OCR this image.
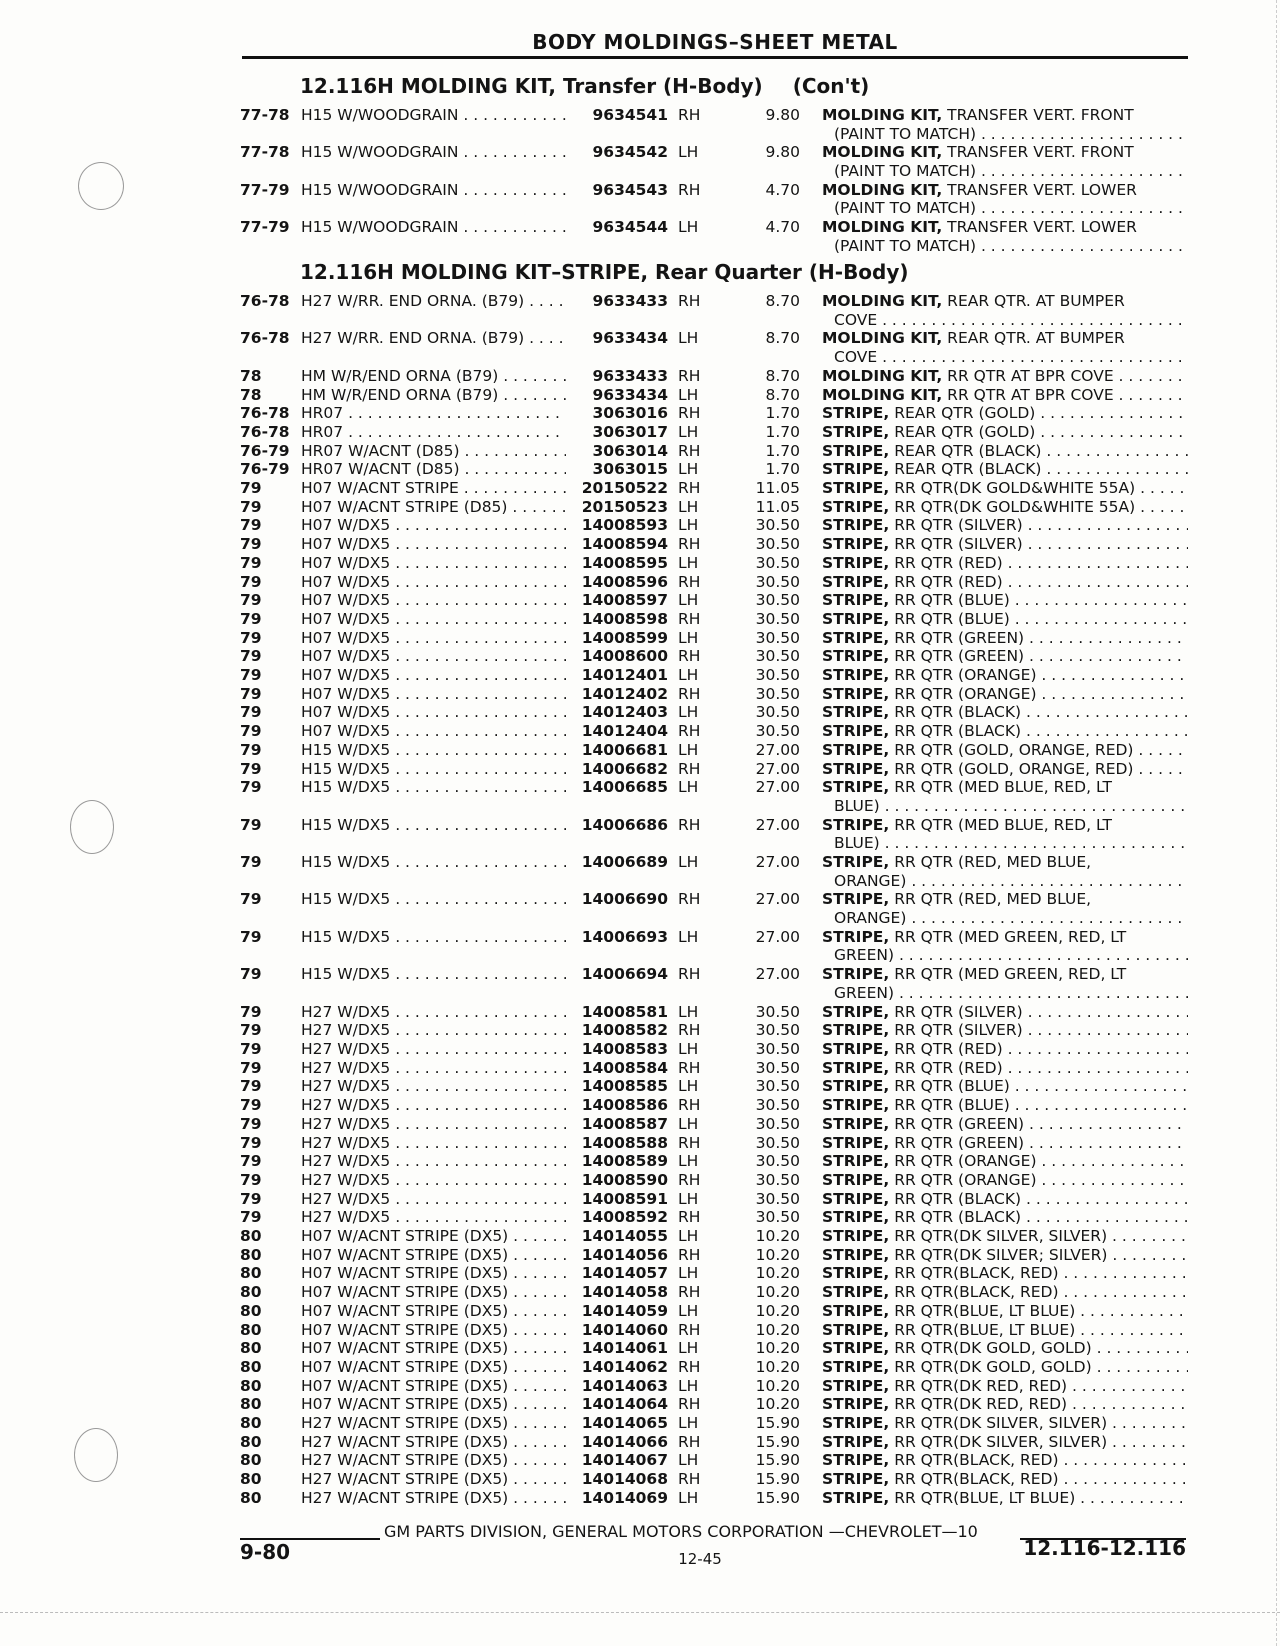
BODY MOLDINGS–SHEET METAL
12.116H MOLDING KIT, Transfer (H-Body) (Con't)
77-78 H15 W/WOODGRAIN . . .	9634541 RH	9.80 MOLDING KIT, TRANSFER VERT. FRONT
(PAINT TO MATCH) . . .
77-78 H15 W/WOODGRAIN . . .	9634542 LH	9.80 MOLDING KIT, TRANSFER VERT. FRONT
(PAINT TO MATCH) . . .
77-79 H15 W/WOODGRAIN . . .	9634543 RH	4.70 MOLDING KIT, TRANSFER VERT. LOWER
(PAINT TO MATCH) . . .
77-79 H15 W/WOODGRAIN . . .	9634544 LH	4.70 MOLDING KIT, TRANSFER VERT. LOWER
(PAINT TO MATCH) . . .
12.116H MOLDING KIT–STRIPE, Rear Quarter (H-Body)
76-78 H27 W/RR. END ORNA. (B79) . . .	9633433 RH	8.70 MOLDING KIT, REAR QTR. AT BUMPER
COVE . . .
76-78 H27 W/RR. END ORNA. (B79) . . .	9633434 LH	8.70 MOLDING KIT, REAR QTR. AT BUMPER
COVE . . .
78	HM W/R/END ORNA (B79) . . .	9633433 RH	8.70 MOLDING KIT, RR QTR AT BPR COVE . . .
78	HM W/R/END ORNA (B79) . . .	9633434 LH	8.70 MOLDING KIT, RR QTR AT BPR COVE . . .
76-78 HR07 . . .	3063016 RH	1.70 STRIPE, REAR QTR (GOLD) . . .
76-78 HR07 . . .	3063017 LH	1.70 STRIPE, REAR QTR (GOLD) . . .
76-79 HR07 W/ACNT (D85) . . .	3063014 RH	1.70 STRIPE, REAR QTR (BLACK) . . .
76-79 HR07 W/ACNT (D85) . . .	3063015 LH	1.70 STRIPE, REAR QTR (BLACK) . . .
79	H07 W/ACNT STRIPE . . .	20150522 RH	11.05 STRIPE, RR QTR(DK GOLD&WHITE 55A) . . .
79	H07 W/ACNT STRIPE (D85) . . .	20150523 LH	11.05 STRIPE, RR QTR(DK GOLD&WHITE 55A) . . .
79	H07 W/DX5 . . .	14008593 LH	30.50 STRIPE, RR QTR (SILVER) . . .
79	H07 W/DX5 . . .	14008594 RH	30.50 STRIPE, RR QTR (SILVER) . . .
79	H07 W/DX5 . . .	14008595 LH	30.50 STRIPE, RR QTR (RED) . . .
79	H07 W/DX5 . . .	14008596 RH	30.50 STRIPE, RR QTR (RED) . . .
79	H07 W/DX5 . . .	14008597 LH	30.50 STRIPE, RR QTR (BLUE) . . .
79	H07 W/DX5 . . .	14008598 RH	30.50 STRIPE, RR QTR (BLUE) . . .
79	H07 W/DX5 . . .	14008599 LH	30.50 STRIPE, RR QTR (GREEN) . . .
79	H07 W/DX5 . . .	14008600 RH	30.50 STRIPE, RR QTR (GREEN) . . .
79	H07 W/DX5 . . .	14012401 LH	30.50 STRIPE, RR QTR (ORANGE) . . .
79	H07 W/DX5 . . .	14012402 RH	30.50 STRIPE, RR QTR (ORANGE) . . .
79	H07 W/DX5 . . .	14012403 LH	30.50 STRIPE, RR QTR (BLACK) . . .
79	H07 W/DX5 . . .	14012404 RH	30.50 STRIPE, RR QTR (BLACK) . . .
79	H15 W/DX5 . . .	14006681 LH	27.00 STRIPE, RR QTR (GOLD, ORANGE, RED) . . .
79	H15 W/DX5 . . .	14006682 RH	27.00 STRIPE, RR QTR (GOLD, ORANGE, RED) . . .
79	H15 W/DX5 . . .	14006685 LH	27.00 STRIPE, RR QTR (MED BLUE, RED, LT
BLUE) . . .
79	H15 W/DX5 . . .	14006686 RH	27.00 STRIPE, RR QTR (MED BLUE, RED, LT
BLUE) . . .
79	H15 W/DX5 . . .	14006689 LH	27.00 STRIPE, RR QTR (RED, MED BLUE,
ORANGE) . . .
79	H15 W/DX5 . . .	14006690 RH	27.00 STRIPE, RR QTR (RED, MED BLUE,
ORANGE) . . .
79	H15 W/DX5 . . .	14006693 LH	27.00 STRIPE, RR QTR (MED GREEN, RED, LT
GREEN) . . .
79	H15 W/DX5 . . .	14006694 RH	27.00 STRIPE, RR QTR (MED GREEN, RED, LT
GREEN) . . .
79	H27 W/DX5 . . .	14008581 LH	30.50 STRIPE, RR QTR (SILVER) . . .
79	H27 W/DX5 . . .	14008582 RH	30.50 STRIPE, RR QTR (SILVER) . . .
79	H27 W/DX5 . . .	14008583 LH	30.50 STRIPE, RR QTR (RED) . . .
79	H27 W/DX5 . . .	14008584 RH	30.50 STRIPE, RR QTR (RED) . . .
79	H27 W/DX5 . . .	14008585 LH	30.50 STRIPE, RR QTR (BLUE) . . .
79	H27 W/DX5 . . .	14008586 RH	30.50 STRIPE, RR QTR (BLUE) . . .
79	H27 W/DX5 . . .	14008587 LH	30.50 STRIPE, RR QTR (GREEN) . . .
79	H27 W/DX5 . . .	14008588 RH	30.50 STRIPE, RR QTR (GREEN) . . .
79	H27 W/DX5 . . .	14008589 LH	30.50 STRIPE, RR QTR (ORANGE) . . .
79	H27 W/DX5 . . .	14008590 RH	30.50 STRIPE, RR QTR (ORANGE) . . .
79	H27 W/DX5 . . .	14008591 LH	30.50 STRIPE, RR QTR (BLACK) . . .
79	H27 W/DX5 . . .	14008592 RH	30.50 STRIPE, RR QTR (BLACK) . . .
80	H07 W/ACNT STRIPE (DX5) . . .	14014055 LH	10.20 STRIPE, RR QTR(DK SILVER, SILVER) . . .
80	H07 W/ACNT STRIPE (DX5) . . .	14014056 RH	10.20 STRIPE, RR QTR(DK SILVER; SILVER) . . .
80	H07 W/ACNT STRIPE (DX5) . . .	14014057 LH	10.20 STRIPE, RR QTR(BLACK, RED) . . .
80	H07 W/ACNT STRIPE (DX5) . . .	14014058 RH	10.20 STRIPE, RR QTR(BLACK, RED) . . .
80	H07 W/ACNT STRIPE (DX5) . . .	14014059 LH	10.20 STRIPE, RR QTR(BLUE, LT BLUE) . . .
80	H07 W/ACNT STRIPE (DX5) . . .	14014060 RH	10.20 STRIPE, RR QTR(BLUE, LT BLUE) . . .
80	H07 W/ACNT STRIPE (DX5) . . .	14014061 LH	10.20 STRIPE, RR QTR(DK GOLD, GOLD) . . .
80	H07 W/ACNT STRIPE (DX5) . . .	14014062 RH	10.20 STRIPE, RR QTR(DK GOLD, GOLD) . . .
80	H07 W/ACNT STRIPE (DX5) . . .	14014063 LH	10.20 STRIPE, RR QTR(DK RED, RED) . . .
80	H07 W/ACNT STRIPE (DX5) . . .	14014064 RH	10.20 STRIPE, RR QTR(DK RED, RED) . . .
80	H27 W/ACNT STRIPE (DX5) . . .	14014065 LH	15.90 STRIPE, RR QTR(DK SILVER, SILVER) . . .
80	H27 W/ACNT STRIPE (DX5) . . .	14014066 RH	15.90 STRIPE, RR QTR(DK SILVER, SILVER) . . .
80	H27 W/ACNT STRIPE (DX5) . . .	14014067 LH	15.90 STRIPE, RR QTR(BLACK, RED) . . .
80	H27 W/ACNT STRIPE (DX5) . . .	14014068 RH	15.90 STRIPE, RR QTR(BLACK, RED) . . .
80	H27 W/ACNT STRIPE (DX5) . . .	14014069 LH	15.90 STRIPE, RR QTR(BLUE, LT BLUE) . . .
GM PARTS DIVISION, GENERAL MOTORS CORPORATION —CHEVROLET—10
9-80	12-45	12.116-12.116
